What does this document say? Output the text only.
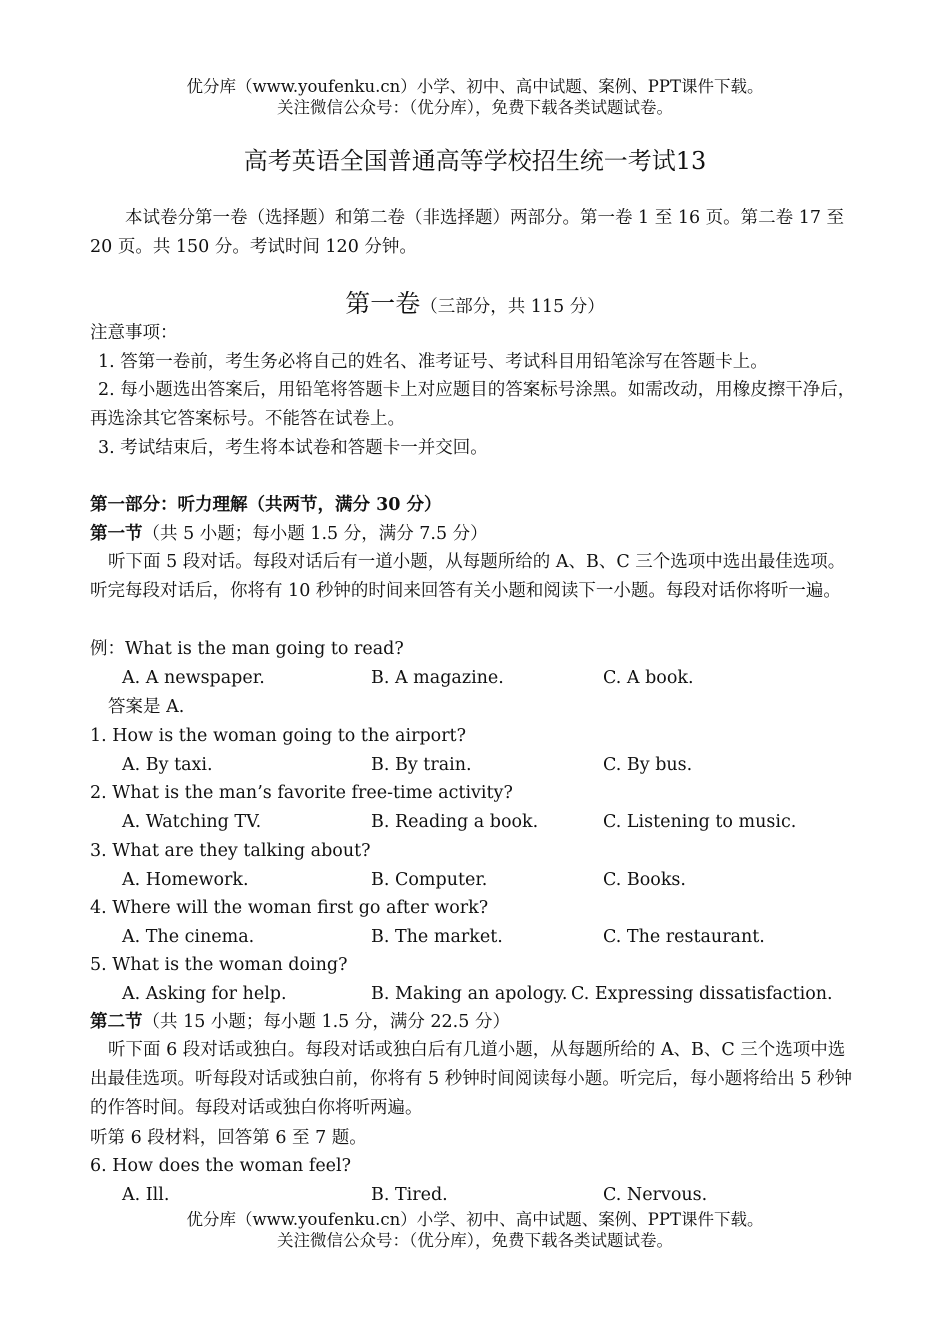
优分库（www.youfenku.cn）小学、初中、高中试题、案例、PPT课件下载。
关注微信公众号：（优分库），免费下载各类试题试卷。
高考英语全国普通高等学校招生统一考试13
本试卷分第一卷（选择题）和第二卷（非选择题）两部分。第一卷 1 至 16 页。第二卷 17 至 20 页。共 150 分。考试时间 120 分钟。
第一卷（三部分，共 115 分）
注意事项：
1. 答第一卷前，考生务必将自己的姓名、准考证号、考试科目用铅笔涂写在答题卡上。
2. 每小题选出答案后，用铅笔将答题卡上对应题目的答案标号涂黑。如需改动，用橡皮擦干净后，再选涂其它答案标号。不能答在试卷上。
3. 考试结束后，考生将本试卷和答题卡一并交回。
第一部分：听力理解（共两节，满分 30 分）
第一节（共 5 小题；每小题 1.5 分，满分 7.5 分）
听下面 5 段对话。每段对话后有一道小题，从每题所给的 A、B、C 三个选项中选出最佳选项。听完每段对话后，你将有 10 秒钟的时间来回答有关小题和阅读下一小题。每段对话你将听一遍。
例：What is the man going to read?
A. A newspaper.	B. A magazine.	C. A book.
答案是 A.
1. How is the woman going to the airport?
A. By taxi.	B. By train.	C. By bus.
2. What is the man’s favorite free-time activity?
A. Watching TV.	B. Reading a book.	C. Listening to music.
3. What are they talking about?
A. Homework.	B. Computer.	C. Books.
4. Where will the woman first go after work?
A. The cinema.	B. The market.	C. The restaurant.
5. What is the woman doing?
A. Asking for help.	B. Making an apology. C. Expressing dissatisfaction.
第二节（共 15 小题；每小题 1.5 分，满分 22.5 分）
听下面 6 段对话或独白。每段对话或独白后有几道小题，从每题所给的 A、B、C 三个选项中选出最佳选项。听每段对话或独白前，你将有 5 秒钟时间阅读每小题。听完后，每小题将给出 5 秒钟的作答时间。每段对话或独白你将听两遍。
听第 6 段材料，回答第 6 至 7 题。
6. How does the woman feel?
A. Ill.	B. Tired.	C. Nervous.
优分库（www.youfenku.cn）小学、初中、高中试题、案例、PPT课件下载。
关注微信公众号：（优分库），免费下载各类试题试卷。
